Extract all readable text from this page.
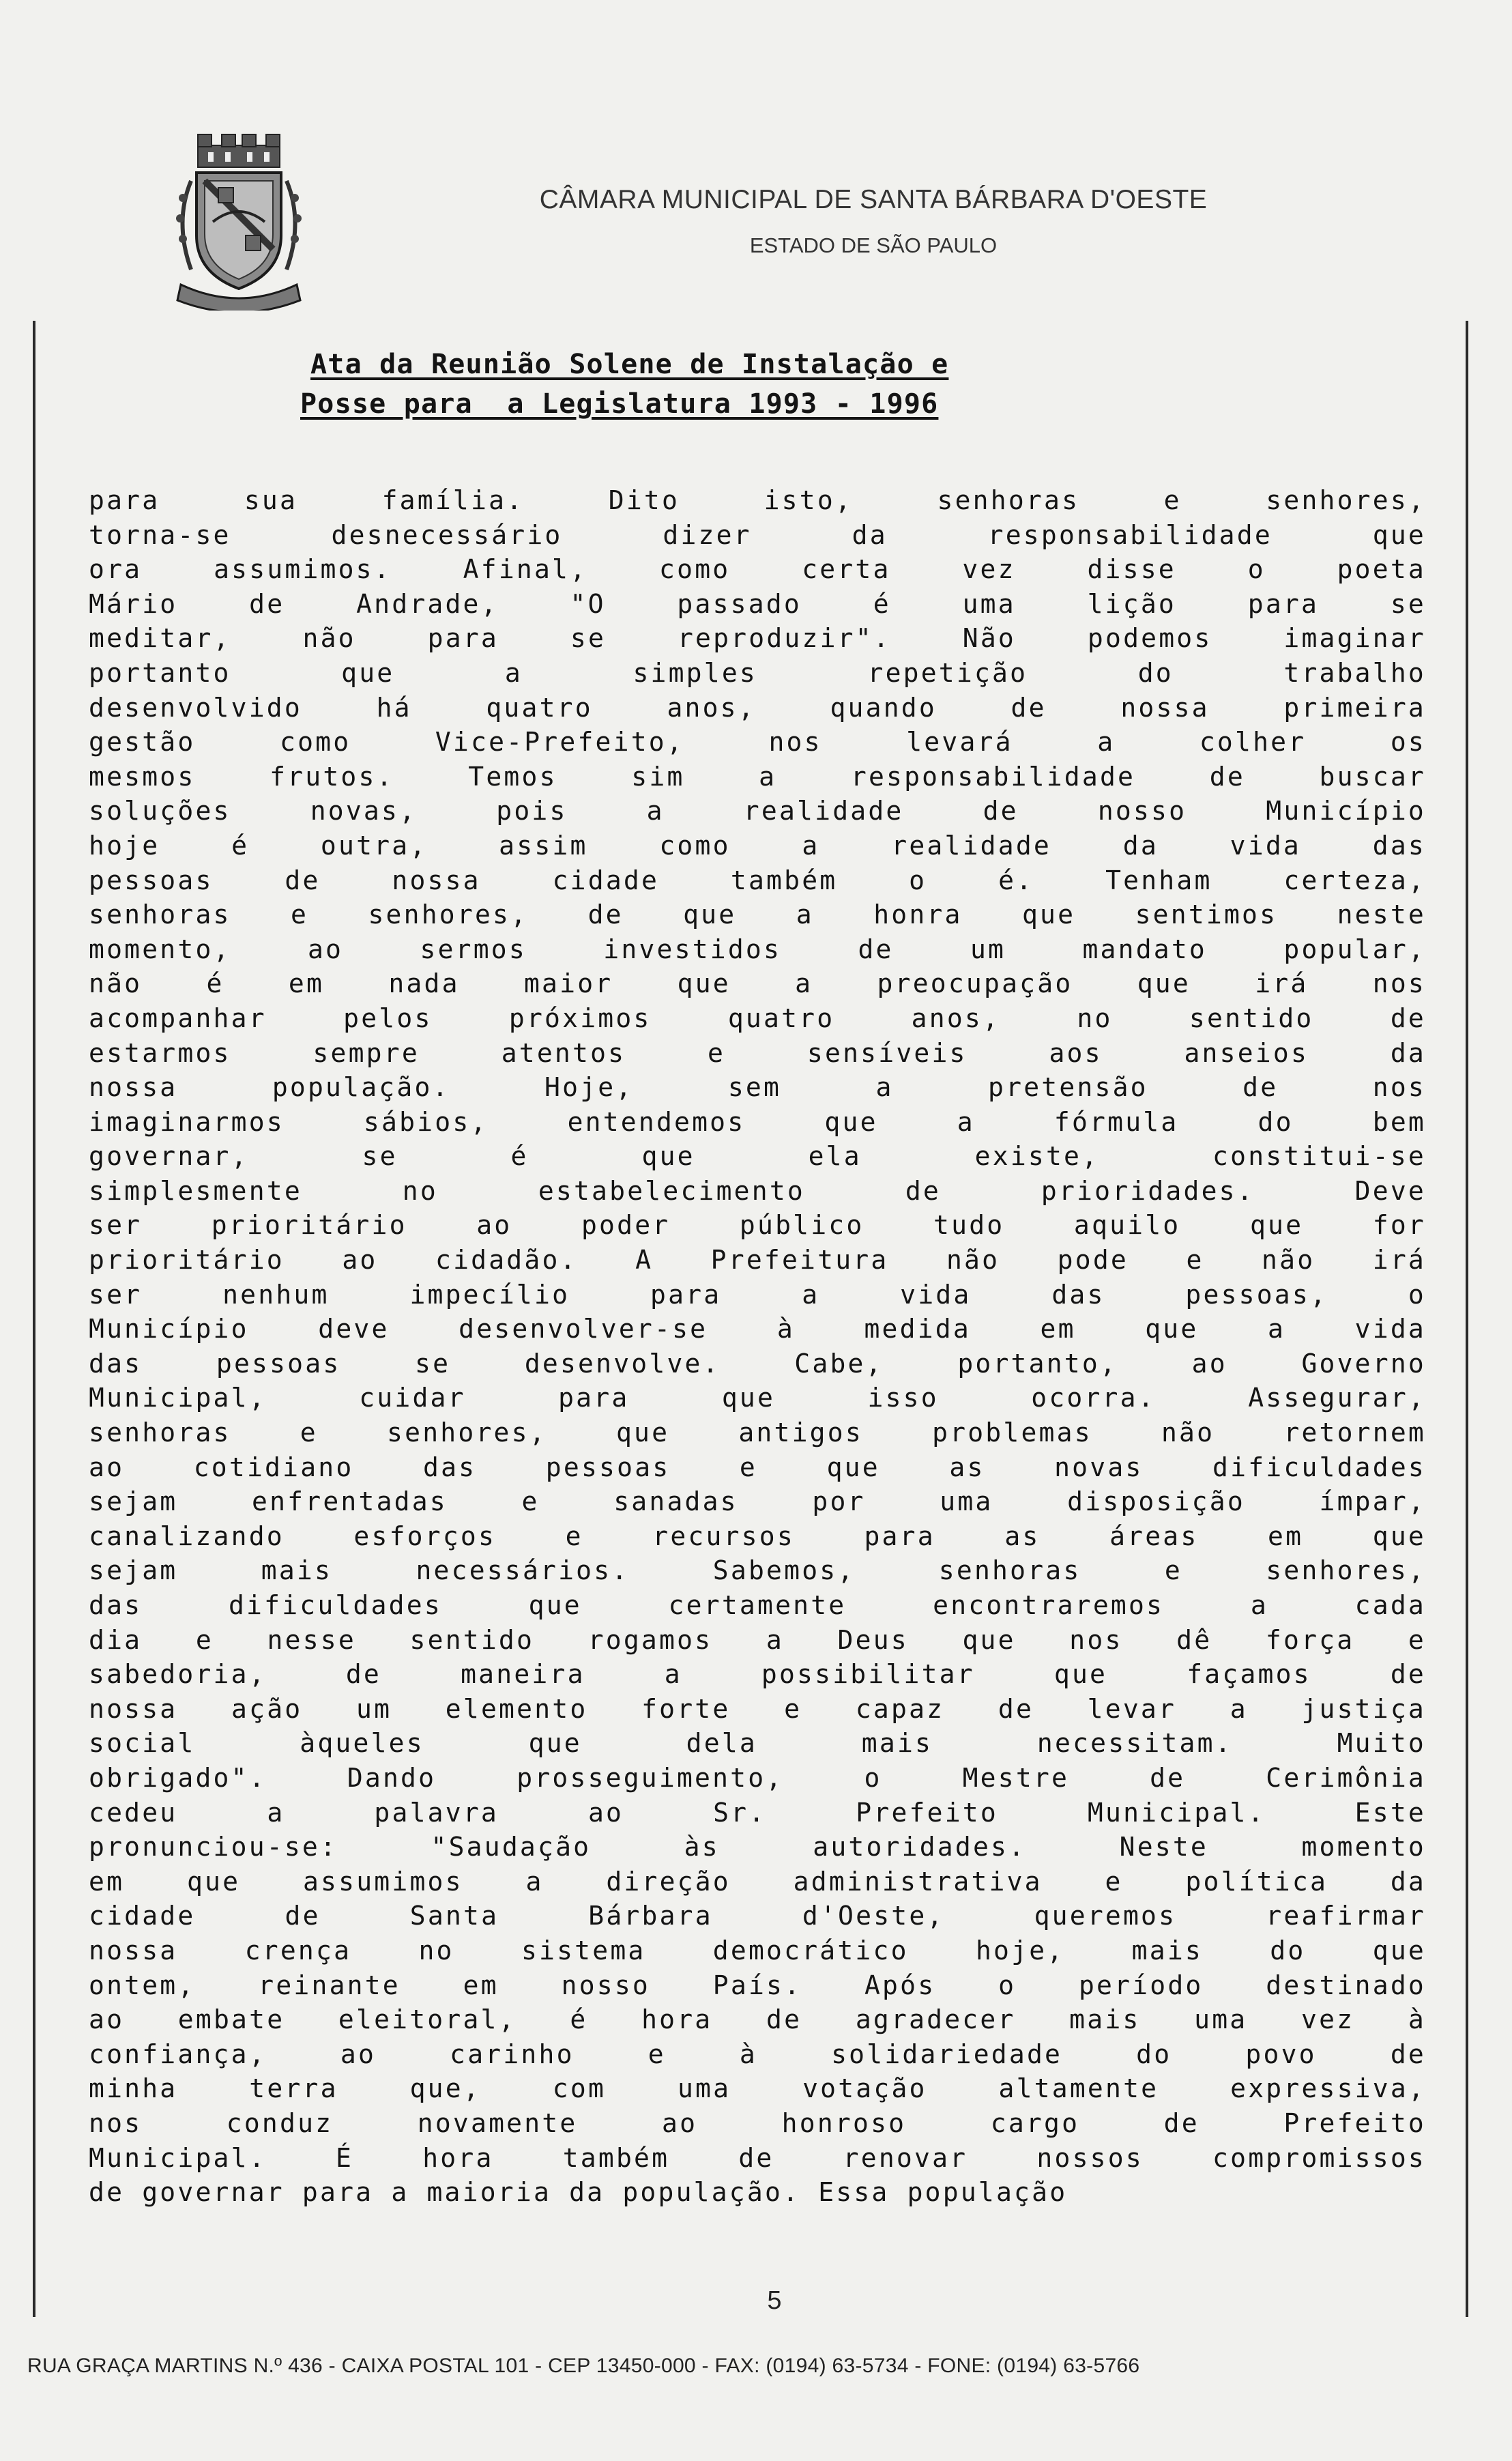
CÂMARA MUNICIPAL DE SANTA BÁRBARA D'OESTE
ESTADO DE SÃO PAULO
Ata da Reunião Solene de Instalação e
Posse para  a Legislatura 1993 - 1996
para sua família. Dito isto, senhoras e senhores,
torna-se desnecessário dizer da responsabilidade que
ora assumimos. Afinal, como certa vez disse o poeta
Mário de Andrade, "O passado é uma lição para se
meditar, não para se reproduzir". Não podemos imaginar
portanto que a simples repetição do trabalho
desenvolvido há quatro anos, quando de nossa primeira
gestão como Vice-Prefeito, nos levará a colher os
mesmos frutos. Temos sim a responsabilidade de buscar
soluções novas, pois a realidade de nosso Município
hoje é outra, assim como a realidade da vida das
pessoas de nossa cidade também o é. Tenham certeza,
senhoras e senhores, de que a honra que sentimos neste
momento, ao sermos investidos de um mandato popular,
não é em nada maior que a preocupação que irá nos
acompanhar pelos próximos quatro anos, no sentido de
estarmos sempre atentos e sensíveis aos anseios da
nossa população. Hoje, sem a pretensão de nos
imaginarmos sábios, entendemos que a fórmula do bem
governar, se é que ela existe, constitui-se
simplesmente no estabelecimento de prioridades. Deve
ser prioritário ao poder público tudo aquilo que for
prioritário ao cidadão. A Prefeitura não pode e não irá
ser nenhum impecílio para a vida das pessoas, o
Município deve desenvolver-se à medida em que a vida
das pessoas se desenvolve. Cabe, portanto, ao Governo
Municipal, cuidar para que isso ocorra. Assegurar,
senhoras e senhores, que antigos problemas não retornem
ao cotidiano das pessoas e que as novas dificuldades
sejam enfrentadas e sanadas por uma disposição ímpar,
canalizando esforços e recursos para as áreas em que
sejam mais necessários. Sabemos, senhoras e senhores,
das dificuldades que certamente encontraremos a cada
dia e nesse sentido rogamos a Deus que nos dê força e
sabedoria, de maneira a possibilitar que façamos de
nossa ação um elemento forte e capaz de levar a justiça
social àqueles que dela mais necessitam. Muito
obrigado". Dando prosseguimento, o Mestre de Cerimônia
cedeu a palavra ao Sr. Prefeito Municipal. Este
pronunciou-se: "Saudação às autoridades. Neste momento
em que assumimos a direção administrativa e política da
cidade de Santa Bárbara d'Oeste, queremos reafirmar
nossa crença no sistema democrático hoje, mais do que
ontem, reinante em nosso País. Após o período destinado
ao embate eleitoral, é hora de agradecer mais uma vez à
confiança, ao carinho e à solidariedade do povo de
minha terra que, com uma votação altamente expressiva,
nos conduz novamente ao honroso cargo de Prefeito
Municipal. É hora também de renovar nossos compromissos
de governar para a maioria da população. Essa população
5
RUA GRAÇA MARTINS N.º 436 - CAIXA POSTAL 101 - CEP 13450-000 - FAX: (0194) 63-5734 - FONE: (0194) 63-5766
